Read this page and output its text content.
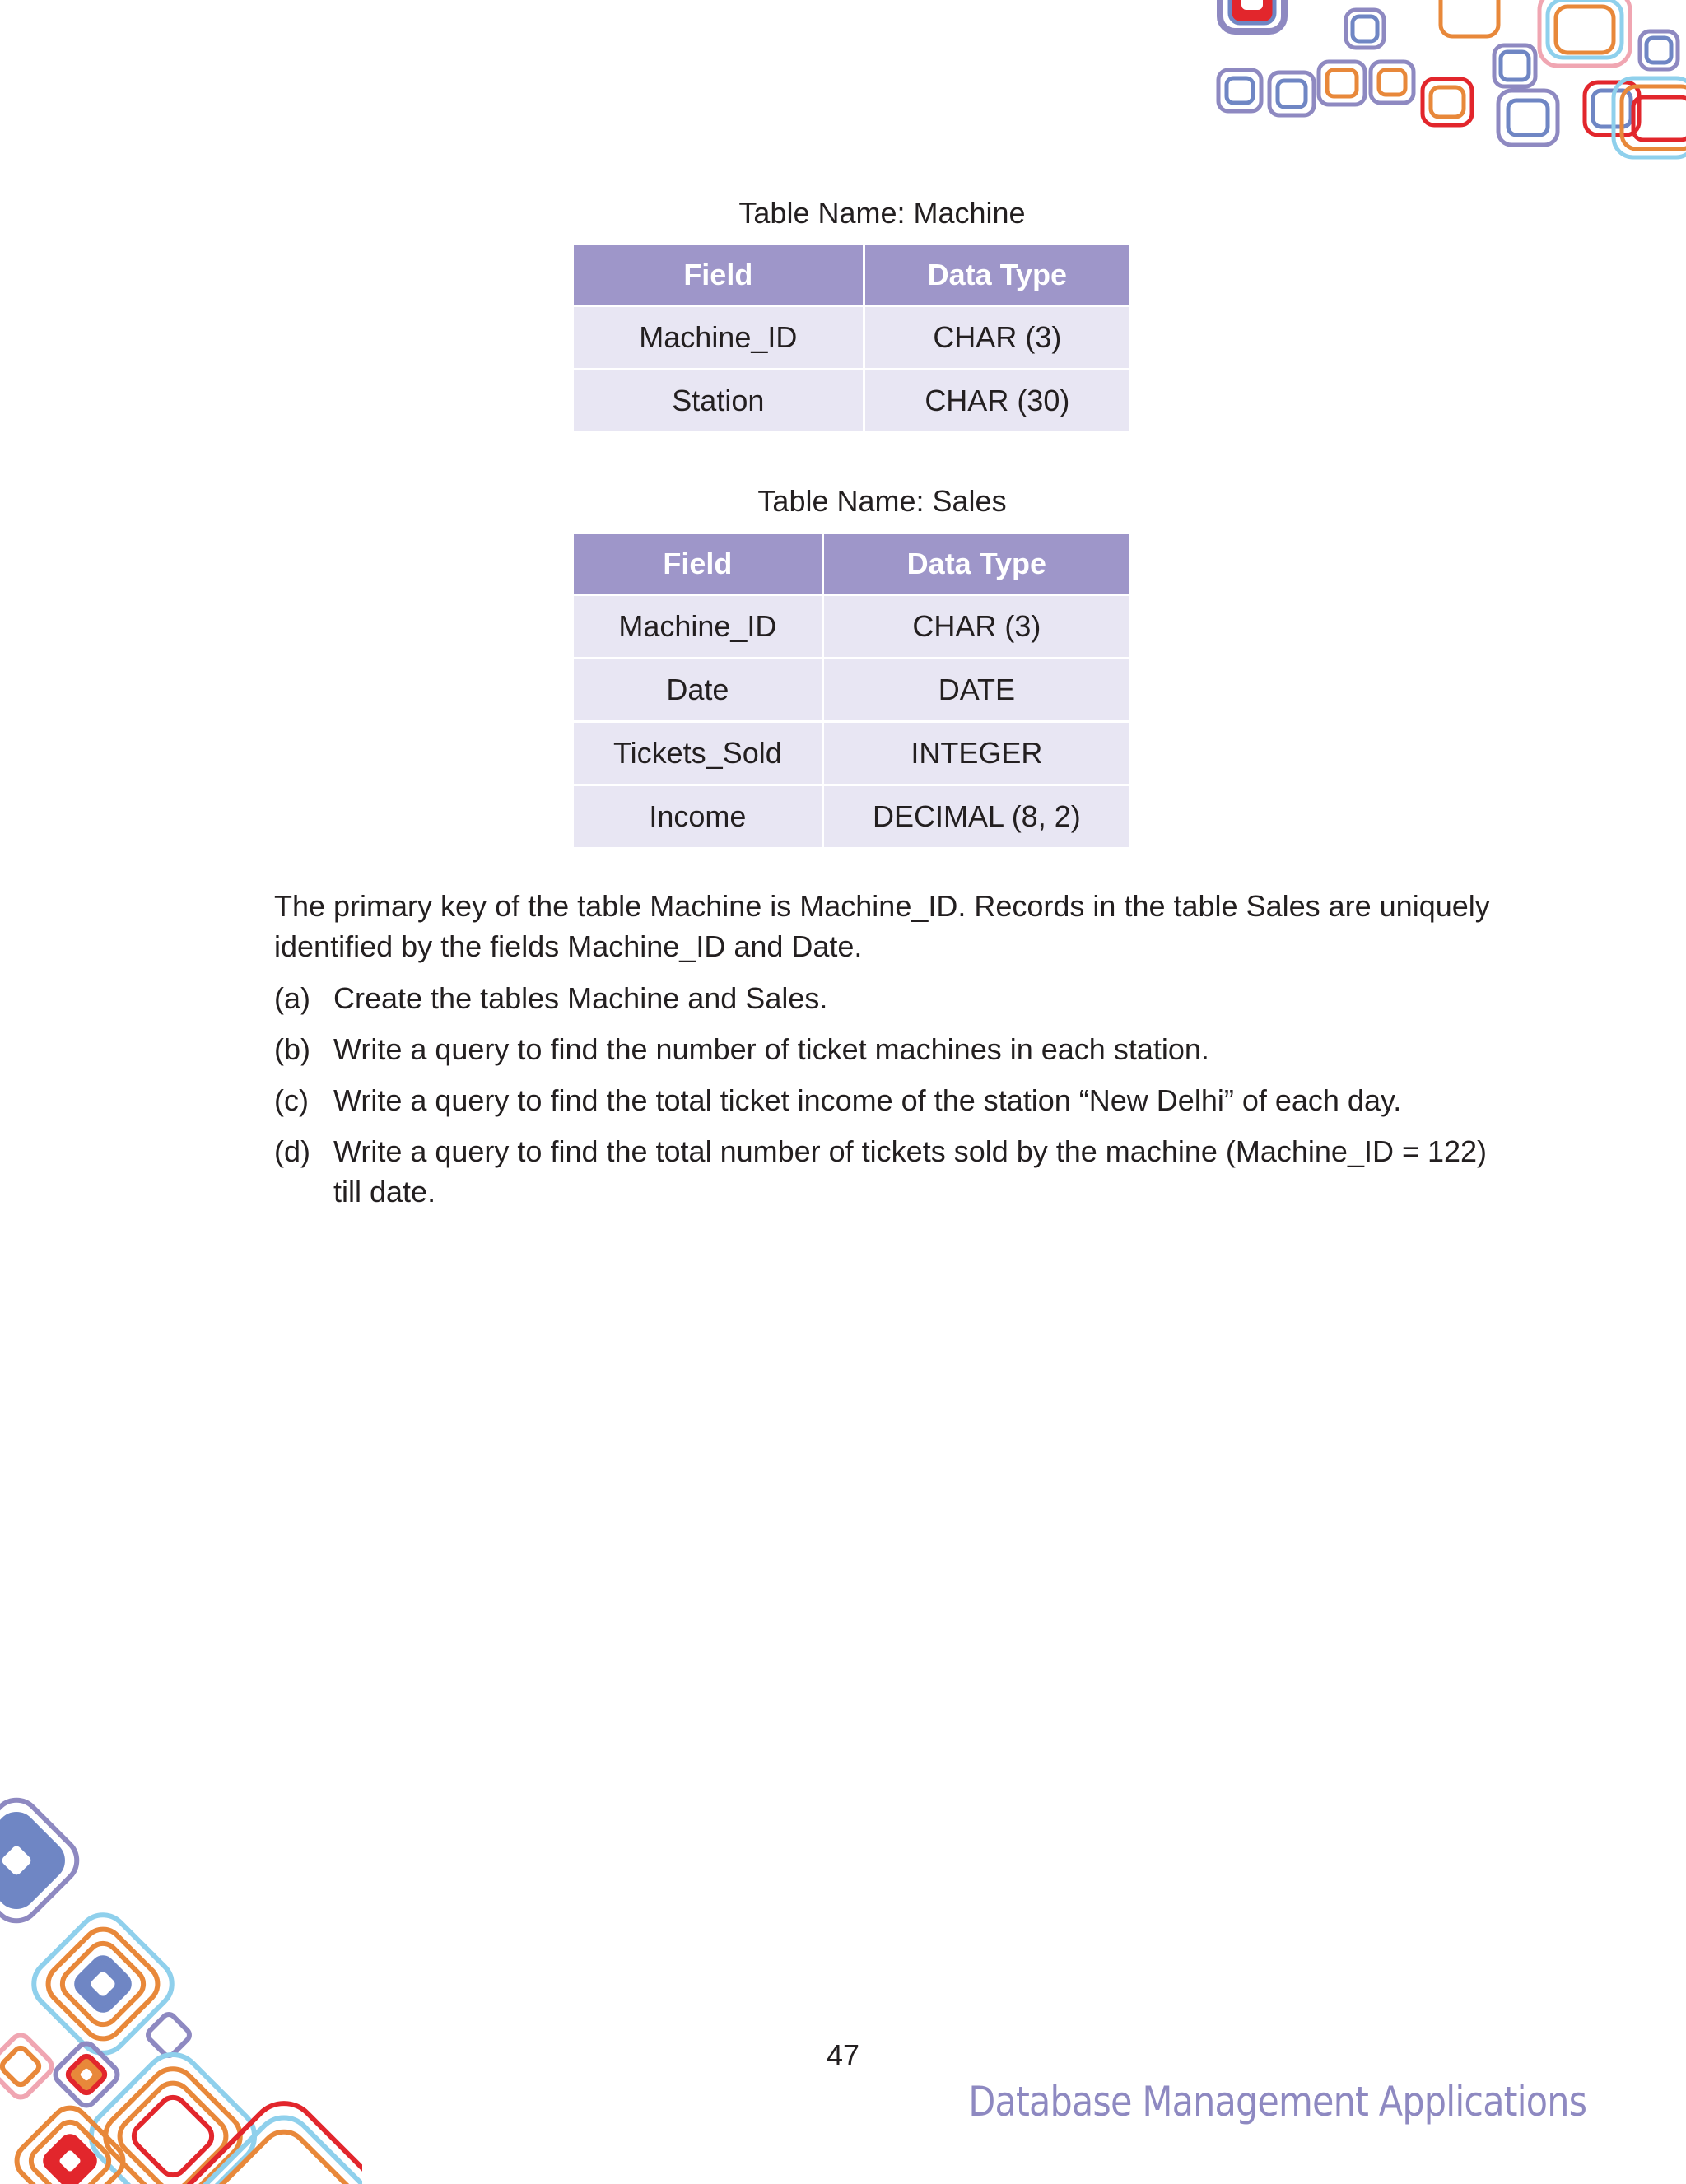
Table Name: Machine
Field	Data Type
Machine_ID	CHAR (3)
Station	CHAR (30)
Table Name: Sales
Field	Data Type
Machine_ID	CHAR (3)
Date	DATE
Tickets_Sold	INTEGER
Income	DECIMAL (8, 2)
The primary key of the table Machine is Machine_ID. Records in the table Sales are uniquely identified by the fields Machine_ID and Date.
(a) Create the tables Machine and Sales.
(b) Write a query to find the number of ticket machines in each station.
(c) Write a query to find the total ticket income of the station “New Delhi” of each day.
(d) Write a query to find the total number of tickets sold by the machine (Machine_ID = 122) till date.
47
Database Management Applications
